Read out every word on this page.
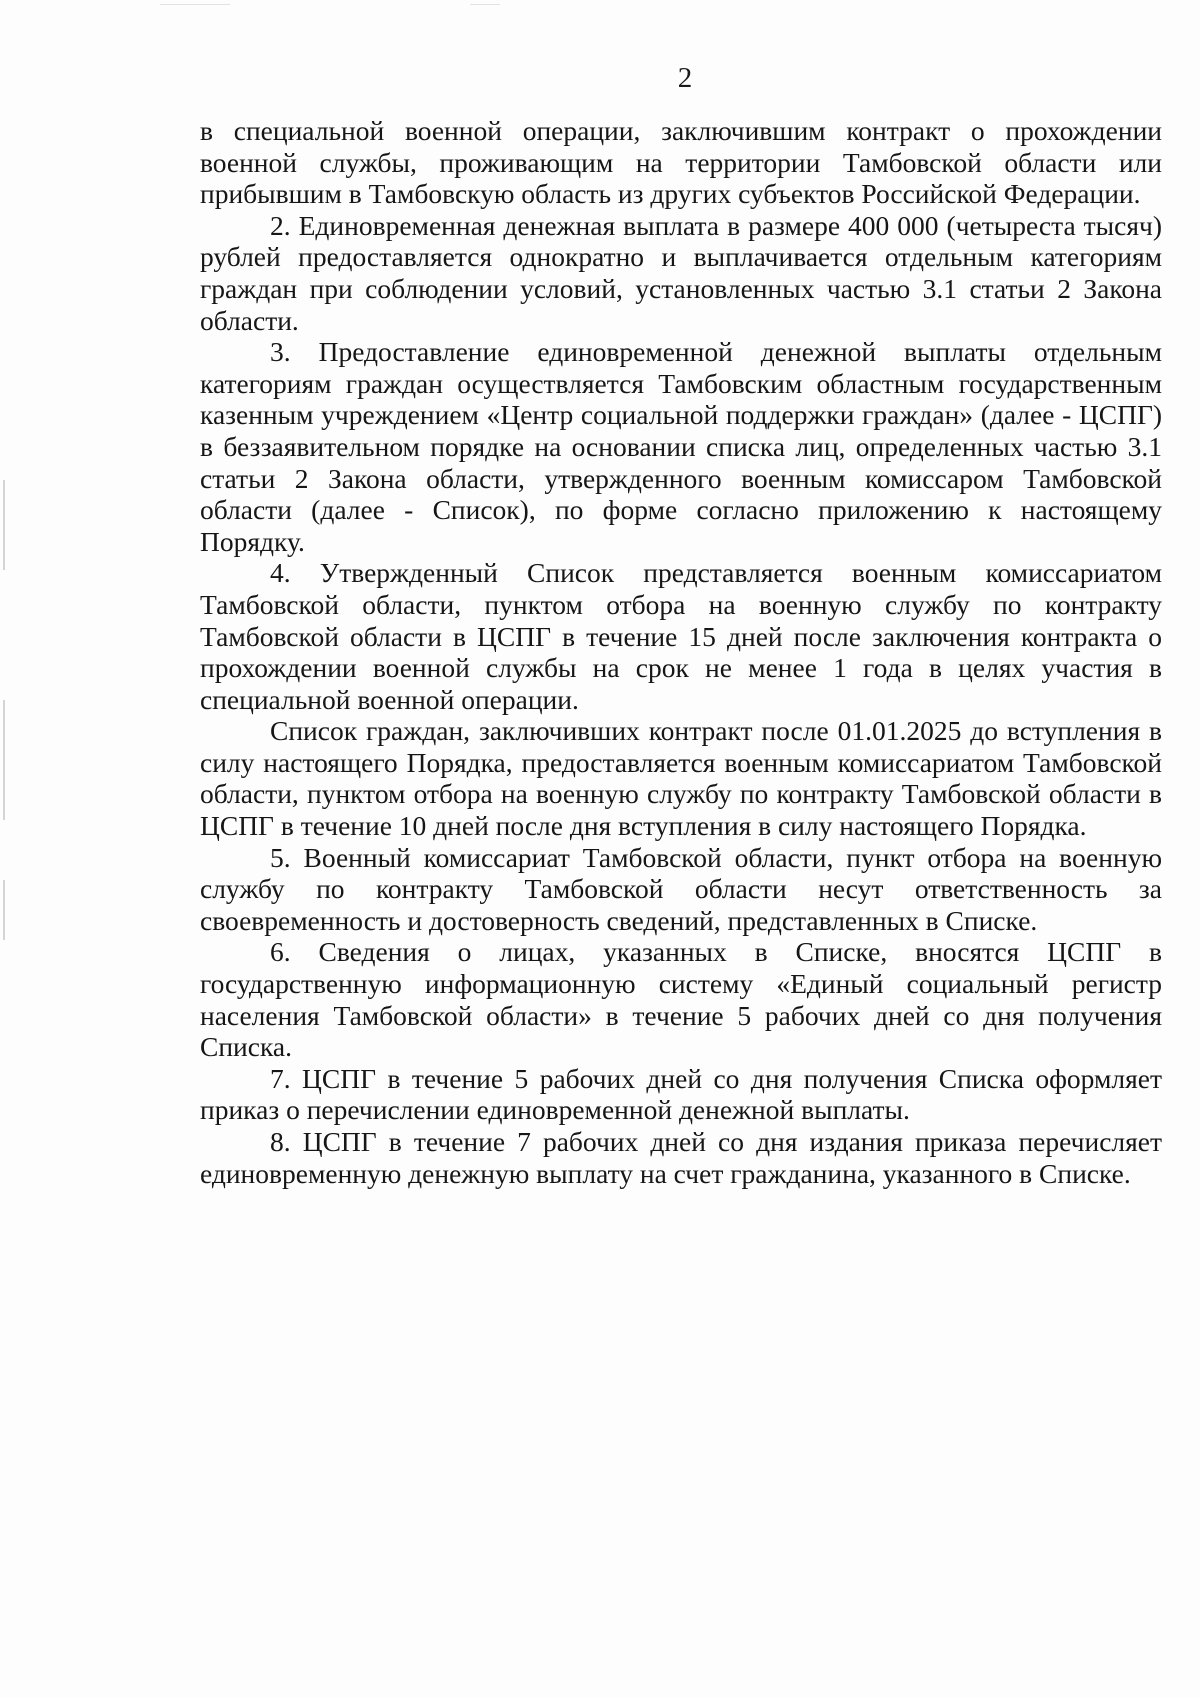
2

в специальной военной операции, заключившим контракт о прохождении военной службы, проживающим на территории Тамбовской области или прибывшим в Тамбовскую область из других субъектов Российской Федерации.

2. Единовременная денежная выплата в размере 400 000 (четыреста тысяч) рублей предоставляется однократно и выплачивается отдельным категориям граждан при соблюдении условий, установленных частью 3.1 статьи 2 Закона области.

3. Предоставление единовременной денежной выплаты отдельным категориям граждан осуществляется Тамбовским областным государственным казенным учреждением «Центр социальной поддержки граждан» (далее - ЦСПГ) в беззаявительном порядке на основании списка лиц, определенных частью 3.1 статьи 2 Закона области, утвержденного военным комиссаром Тамбовской области (далее - Список), по форме согласно приложению к настоящему Порядку.

4. Утвержденный Список представляется военным комиссариатом Тамбовской области, пунктом отбора на военную службу по контракту Тамбовской области в ЦСПГ в течение 15 дней после заключения контракта о прохождении военной службы на срок не менее 1 года в целях участия в специальной военной операции.

Список граждан, заключивших контракт после 01.01.2025 до вступления в силу настоящего Порядка, предоставляется военным комиссариатом Тамбовской области, пунктом отбора на военную службу по контракту Тамбовской области в ЦСПГ в течение 10 дней после дня вступления в силу настоящего Порядка.

5. Военный комиссариат Тамбовской области, пункт отбора на военную службу по контракту Тамбовской области несут ответственность за своевременность и достоверность сведений, представленных в Списке.

6. Сведения о лицах, указанных в Списке, вносятся ЦСПГ в государственную информационную систему «Единый социальный регистр населения Тамбовской области» в течение 5 рабочих дней со дня получения Списка.

7. ЦСПГ в течение 5 рабочих дней со дня получения Списка оформляет приказ о перечислении единовременной денежной выплаты.

8. ЦСПГ в течение 7 рабочих дней со дня издания приказа перечисляет единовременную денежную выплату на счет гражданина, указанного в Списке.
